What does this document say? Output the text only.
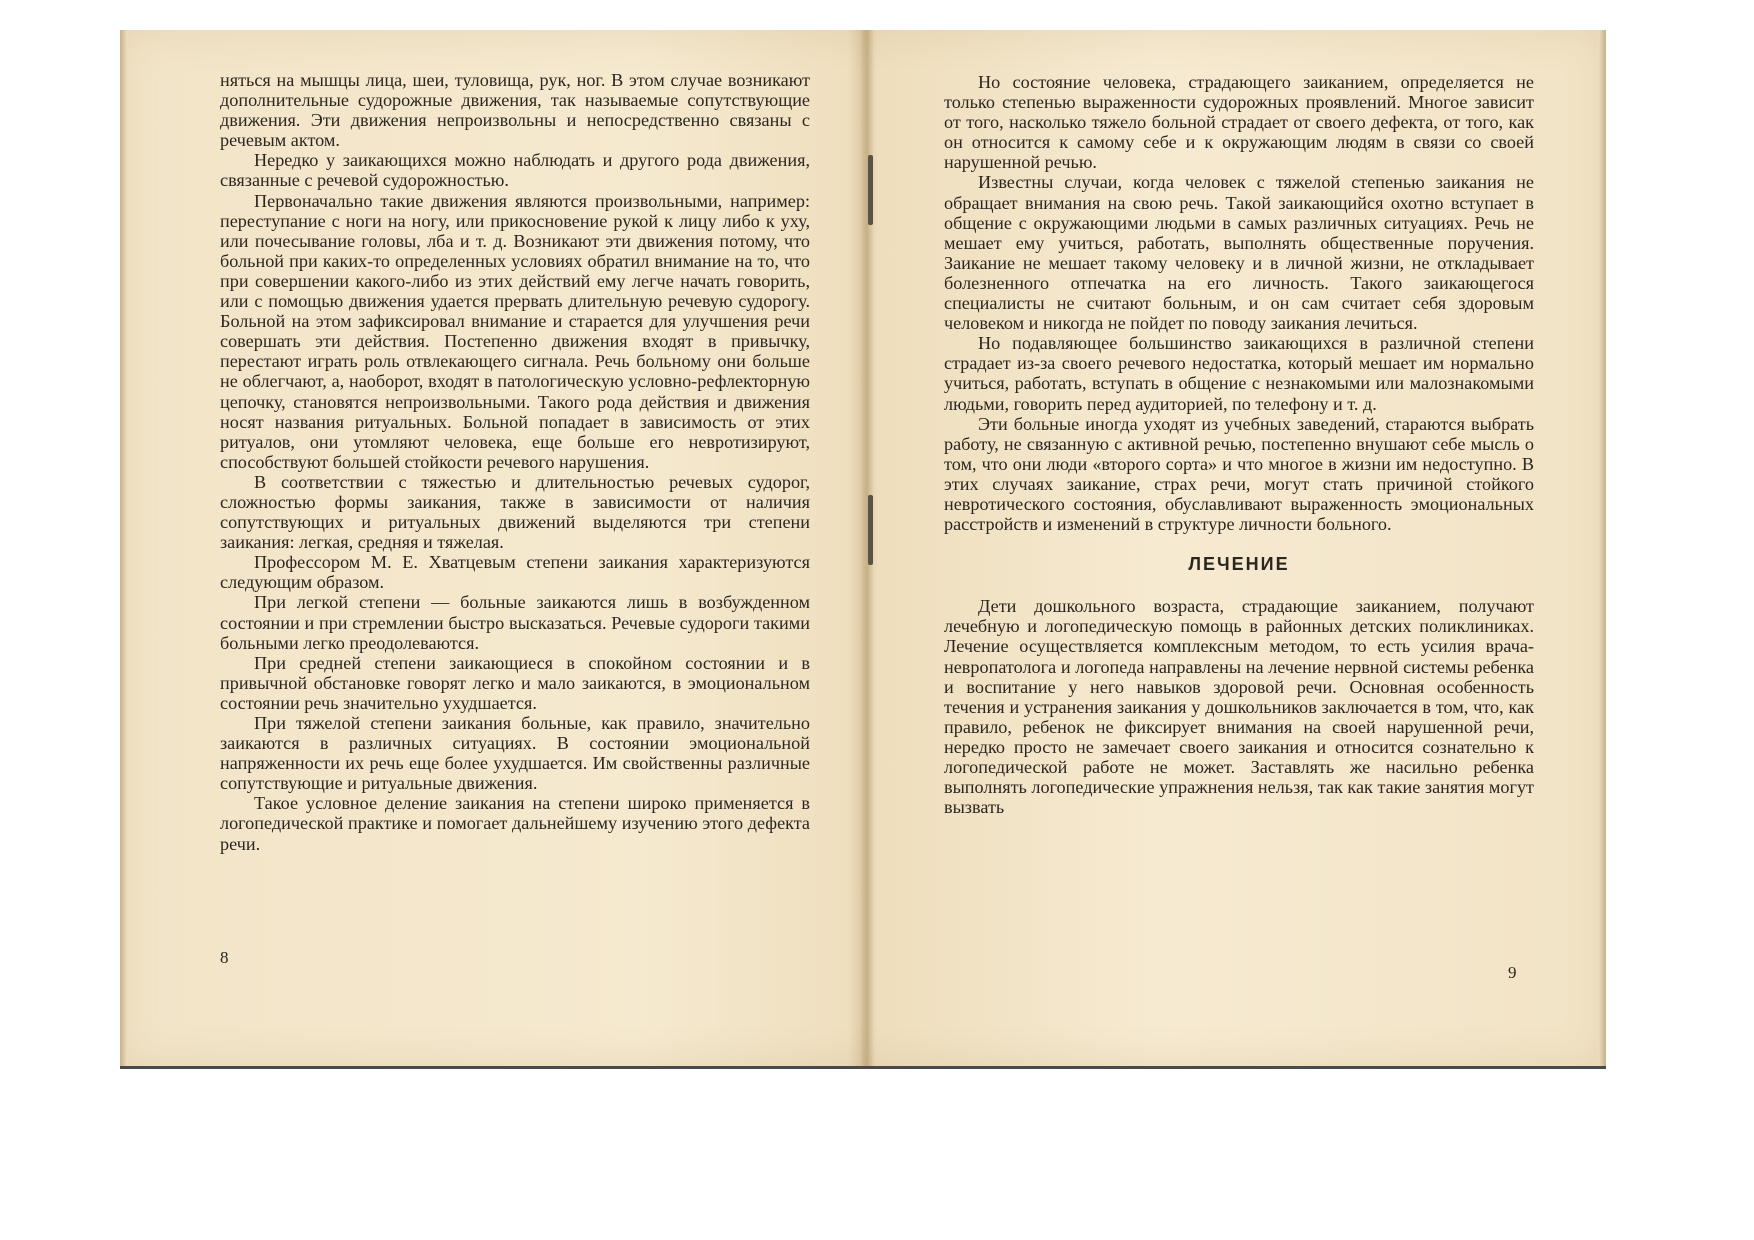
няться на мышцы лица, шеи, туловища, рук, ног. В этом случае возникают дополнительные судорожные движения, так называемые сопутствующие движения. Эти движения непроизвольны и непосредственно связаны с речевым актом.

Нередко у заикающихся можно наблюдать и другого рода движения, связанные с речевой судорожностью.

Первоначально такие движения являются произвольными, например: переступание с ноги на ногу, или прикосновение рукой к лицу либо к уху, или почесывание головы, лба и т. д. Возникают эти движения потому, что больной при каких-то определенных условиях обратил внимание на то, что при совершении какого-либо из этих действий ему легче начать говорить, или с помощью движения удается прервать длительную речевую судорогу. Больной на этом зафиксировал внимание и старается для улучшения речи совершать эти действия. Постепенно движения входят в привычку, перестают играть роль отвлекающего сигнала. Речь больному они больше не облегчают, а, наоборот, входят в патологическую условно-рефлекторную цепочку, становятся непроизвольными. Такого рода действия и движения носят названия ритуальных. Больной попадает в зависимость от этих ритуалов, они утомляют человека, еще больше его невротизируют, способствуют большей стойкости речевого нарушения.

В соответствии с тяжестью и длительностью речевых судорог, сложностью формы заикания, также в зависимости от наличия сопутствующих и ритуальных движений выделяются три степени заикания: легкая, средняя и тяжелая.

Профессором М. Е. Хватцевым степени заикания характеризуются следующим образом.

При легкой степени — больные заикаются лишь в возбужденном состоянии и при стремлении быстро высказаться. Речевые судороги такими больными легко преодолеваются.

При средней степени заикающиеся в спокойном состоянии и в привычной обстановке говорят легко и мало заикаются, в эмоциональном состоянии речь значительно ухудшается.

При тяжелой степени заикания больные, как правило, значительно заикаются в различных ситуациях. В состоянии эмоциональной напряженности их речь еще более ухудшается. Им свойственны различные сопутствующие и ритуальные движения.

Такое условное деление заикания на степени широко применяется в логопедической практике и помогает дальнейшему изучению этого дефекта речи.

8

Но состояние человека, страдающего заиканием, определяется не только степенью выраженности судорожных проявлений. Многое зависит от того, насколько тяжело больной страдает от своего дефекта, от того, как он относится к самому себе и к окружающим людям в связи со своей нарушенной речью.

Известны случаи, когда человек с тяжелой степенью заикания не обращает внимания на свою речь. Такой заикающийся охотно вступает в общение с окружающими людьми в самых различных ситуациях. Речь не мешает ему учиться, работать, выполнять общественные поручения. Заикание не мешает такому человеку и в личной жизни, не откладывает болезненного отпечатка на его личность. Такого заикающегося специалисты не считают больным, и он сам считает себя здоровым человеком и никогда не пойдет по поводу заикания лечиться.

Но подавляющее большинство заикающихся в различной степени страдает из-за своего речевого недостатка, который мешает им нормально учиться, работать, вступать в общение с незнакомыми или малознакомыми людьми, говорить перед аудиторией, по телефону и т. д.

Эти больные иногда уходят из учебных заведений, стараются выбрать работу, не связанную с активной речью, постепенно внушают себе мысль о том, что они люди «второго сорта» и что многое в жизни им недоступно. В этих случаях заикание, страх речи, могут стать причиной стойкого невротического состояния, обуславливают выраженность эмоциональных расстройств и изменений в структуре личности больного.

ЛЕЧЕНИЕ

Дети дошкольного возраста, страдающие заиканием, получают лечебную и логопедическую помощь в районных детских поликлиниках. Лечение осуществляется комплексным методом, то есть усилия врача-невропатолога и логопеда направлены на лечение нервной системы ребенка и воспитание у него навыков здоровой речи. Основная особенность течения и устранения заикания у дошкольников заключается в том, что, как правило, ребенок не фиксирует внимания на своей нарушенной речи, нередко просто не замечает своего заикания и относится сознательно к логопедической работе не может. Заставлять же насильно ребенка выполнять логопедические упражнения нельзя, так как такие занятия могут вызвать

9
